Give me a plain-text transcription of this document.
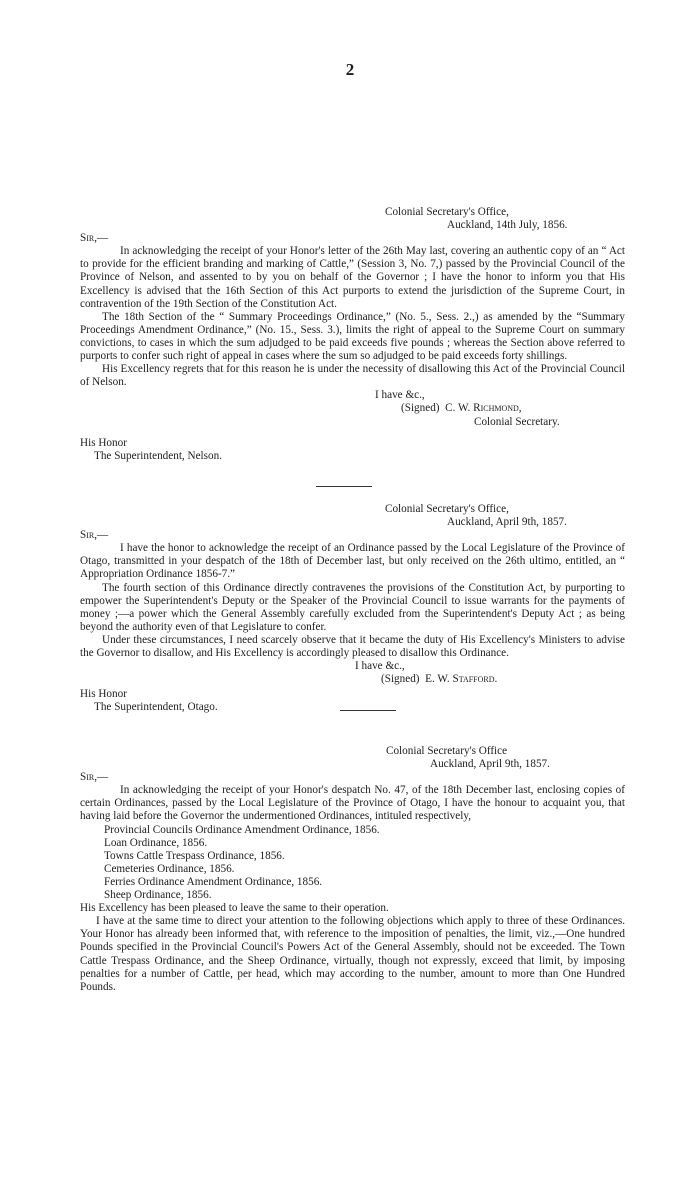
2
Colonial Secretary's Office,
Auckland, 14th July, 1856.
Sir,—

In acknowledging the receipt of your Honor's letter of the 26th May last, covering an authentic copy of an “ Act to provide for the efficient branding and marking of Cattle,” (Session 3, No. 7,) passed by the Provincial Council of the Province of Nelson, and assented to by you on behalf of the Governor ; I have the honor to inform you that His Excellency is advised that the 16th Section of this Act purports to extend the jurisdiction of the Supreme Court, in contravention of the 19th Section of the Constitution Act.

The 18th Section of the “ Summary Proceedings Ordinance,” (No. 5., Sess. 2.,) as amended by the “Summary Proceedings Amendment Ordinance,” (No. 15., Sess. 3.), limits the right of appeal to the Supreme Court on summary convictions, to cases in which the sum adjudged to be paid exceeds five pounds ; whereas the Section above referred to purports to confer such right of appeal in cases where the sum so adjudged to be paid exceeds forty shillings.

His Excellency regrets that for this reason he is under the necessity of disallowing this Act of the Provincial Council of Nelson.

I have &c.,
(Signed) C. W. Richmond,
Colonial Secretary.
His Honor
The Superintendent, Nelson.
Colonial Secretary's Office,
Auckland, April 9th, 1857.
Sir,—

I have the honor to acknowledge the receipt of an Ordinance passed by the Local Legislature of the Province of Otago, transmitted in your despatch of the 18th of December last, but only received on the 26th ultimo, entitled, an “ Appropriation Ordinance 1856-7.”

The fourth section of this Ordinance directly contravenes the provisions of the Constitution Act, by purporting to empower the Superintendent's Deputy or the Speaker of the Provincial Council to issue warrants for the payments of money ;—a power which the General Assembly carefully excluded from the Superintendent's Deputy Act ; as being beyond the authority even of that Legislature to confer.

Under these circumstances, I need scarcely observe that it became the duty of His Excellency's Ministers to advise the Governor to disallow, and His Excellency is accordingly pleased to disallow this Ordinance.

I have &c.,
(Signed) E. W. Stafford.
His Honor
The Superintendent, Otago.
Colonial Secretary's Office
Auckland, April 9th, 1857.
Sir,—

In acknowledging the receipt of your Honor's despatch No. 47, of the 18th December last, enclosing copies of certain Ordinances, passed by the Local Legislature of the Province of Otago, I have the honour to acquaint you, that having laid before the Governor the undermentioned Ordinances, intituled respectively,

Provincial Councils Ordinance Amendment Ordinance, 1856.
Loan Ordinance, 1856.
Towns Cattle Trespass Ordinance, 1856.
Cemeteries Ordinance, 1856.
Ferries Ordinance Amendment Ordinance, 1856.
Sheep Ordinance, 1856.

His Excellency has been pleased to leave the same to their operation.

I have at the same time to direct your attention to the following objections which apply to three of these Ordinances. Your Honor has already been informed that, with reference to the imposition of penalties, the limit, viz.,—One hundred Pounds specified in the Provincial Council's Powers Act of the General Assembly, should not be exceeded. The Town Cattle Trespass Ordinance, and the Sheep Ordinance, virtually, though not expressly, exceed that limit, by imposing penalties for a number of Cattle, per head, which may according to the number, amount to more than One Hundred Pounds.
